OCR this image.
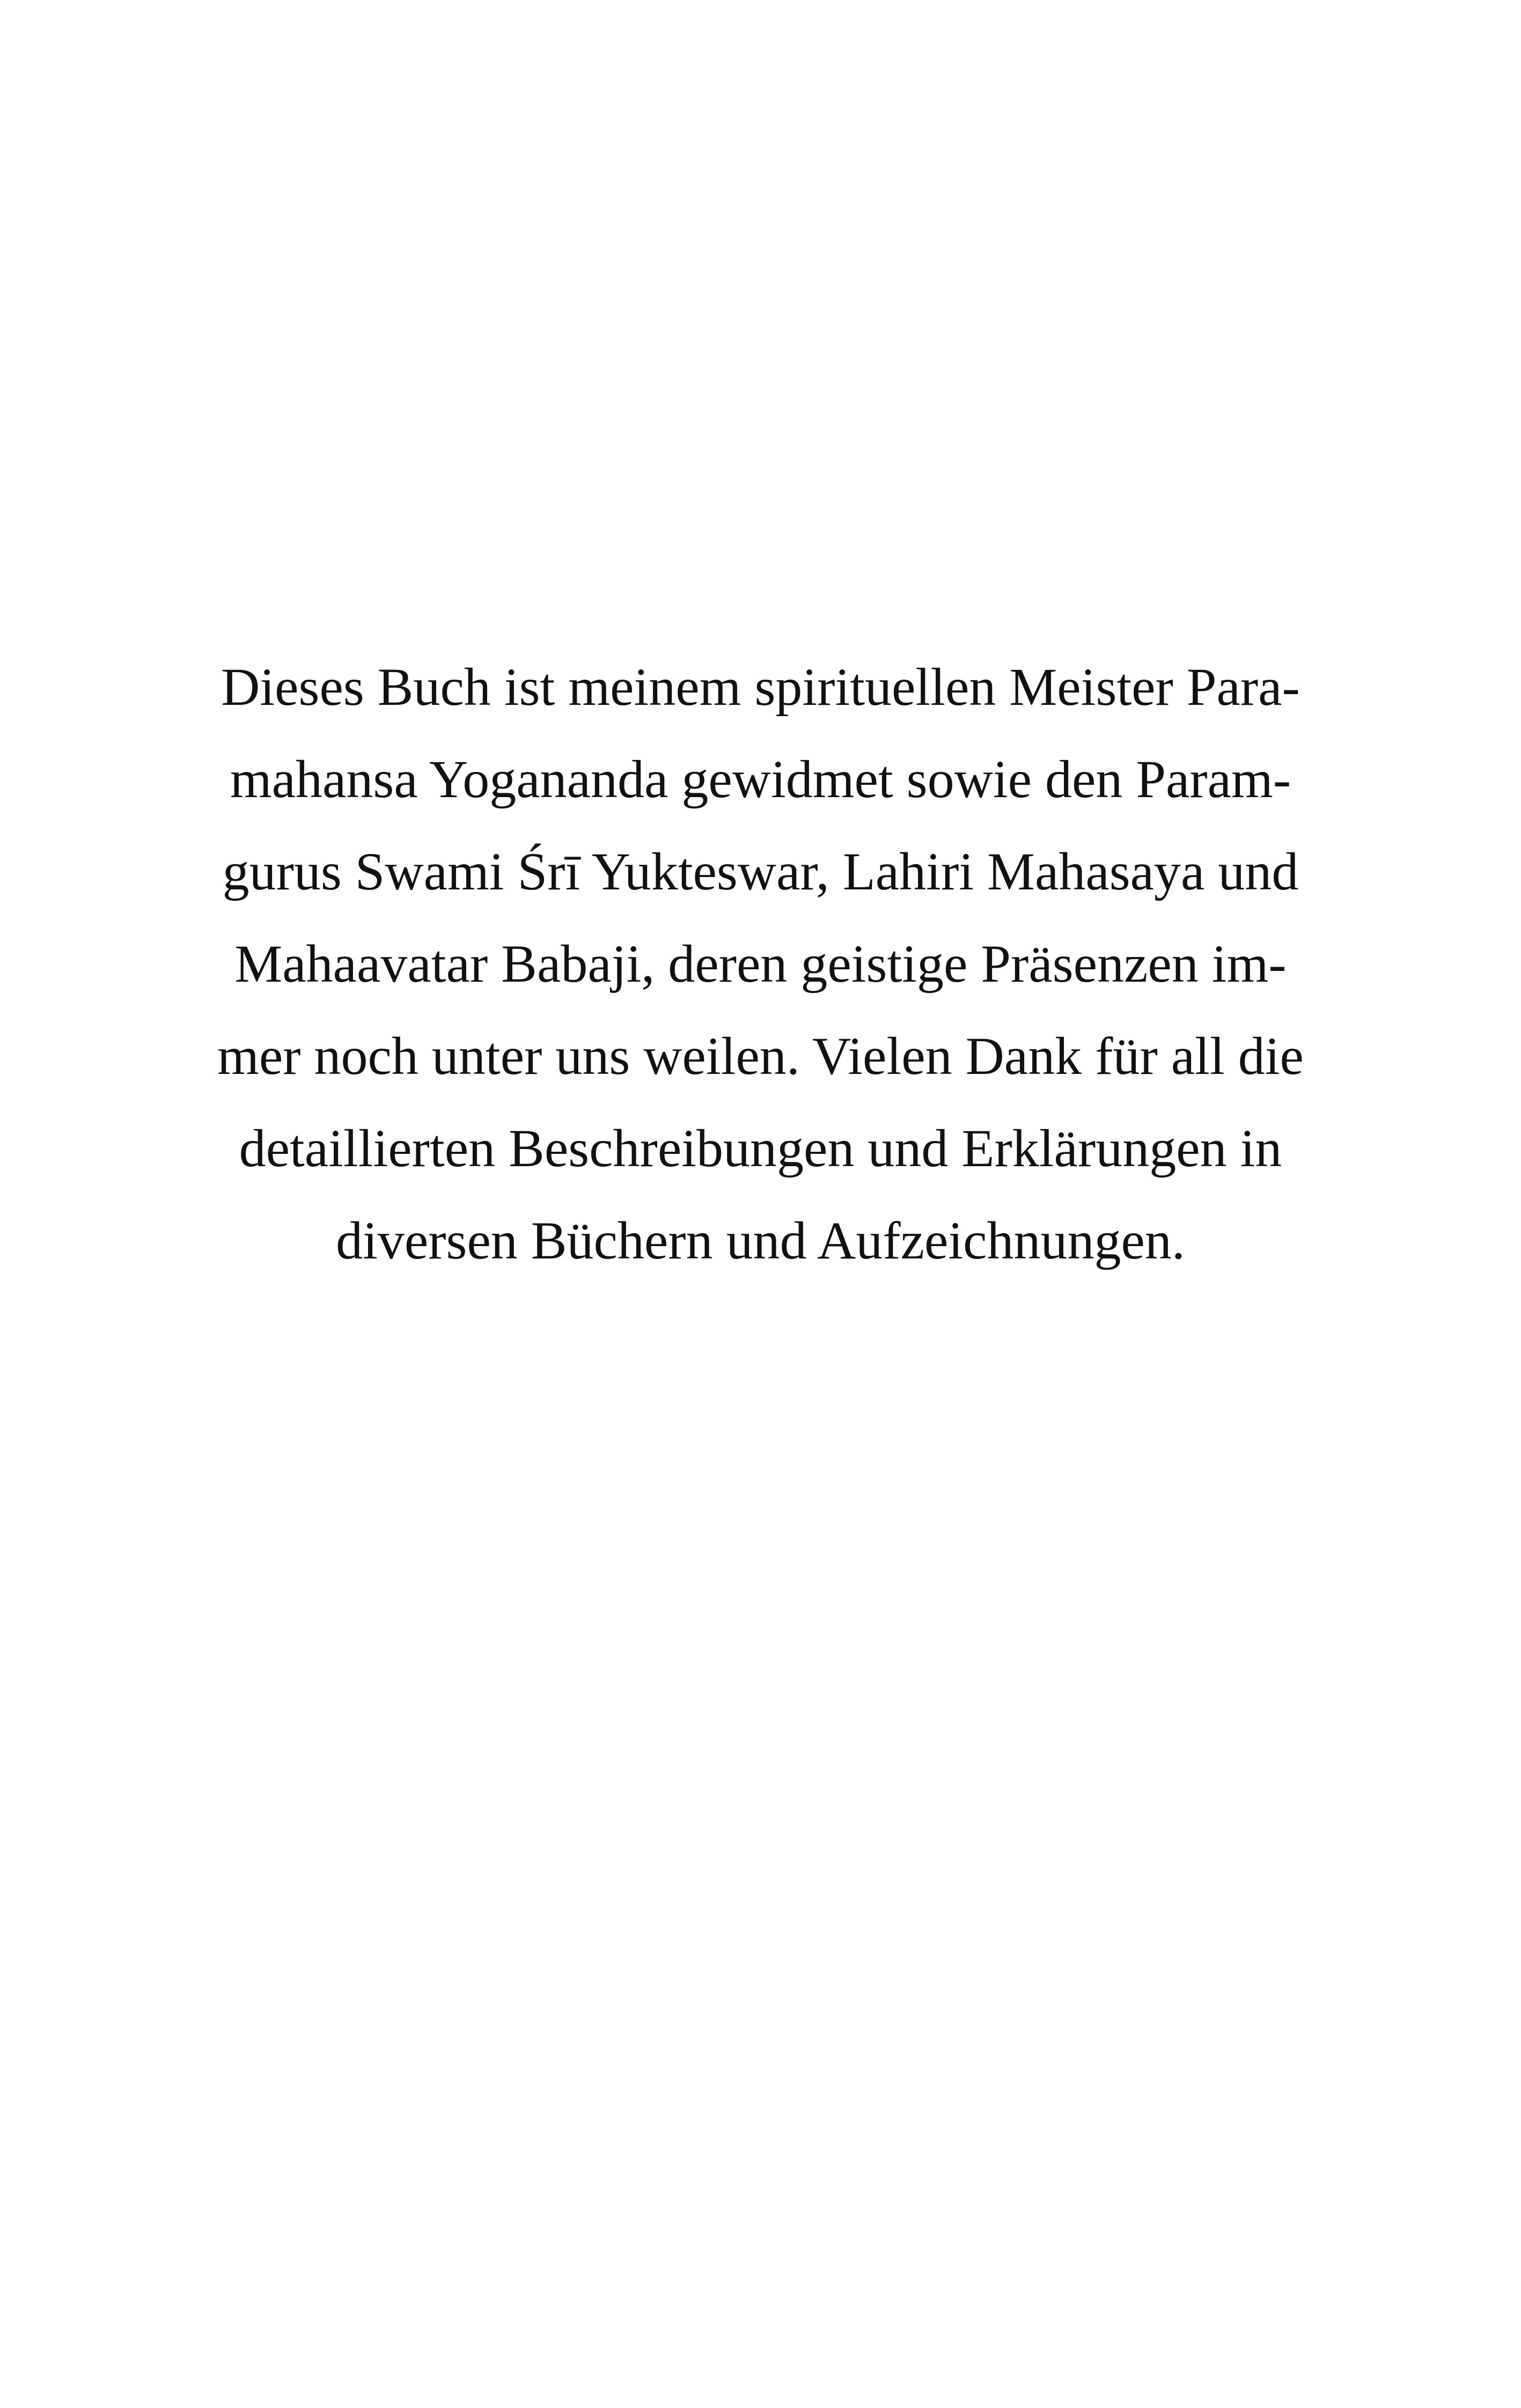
Dieses Buch ist meinem spirituellen Meister Para-
mahansa Yogananda gewidmet sowie den Param-
gurus Swami Śrī Yukteswar, Lahiri Mahasaya und
Mahaavatar Babaji, deren geistige Präsenzen im-
mer noch unter uns weilen. Vielen Dank für all die
detaillierten Beschreibungen und Erklärungen in
diversen Büchern und Aufzeichnungen.
